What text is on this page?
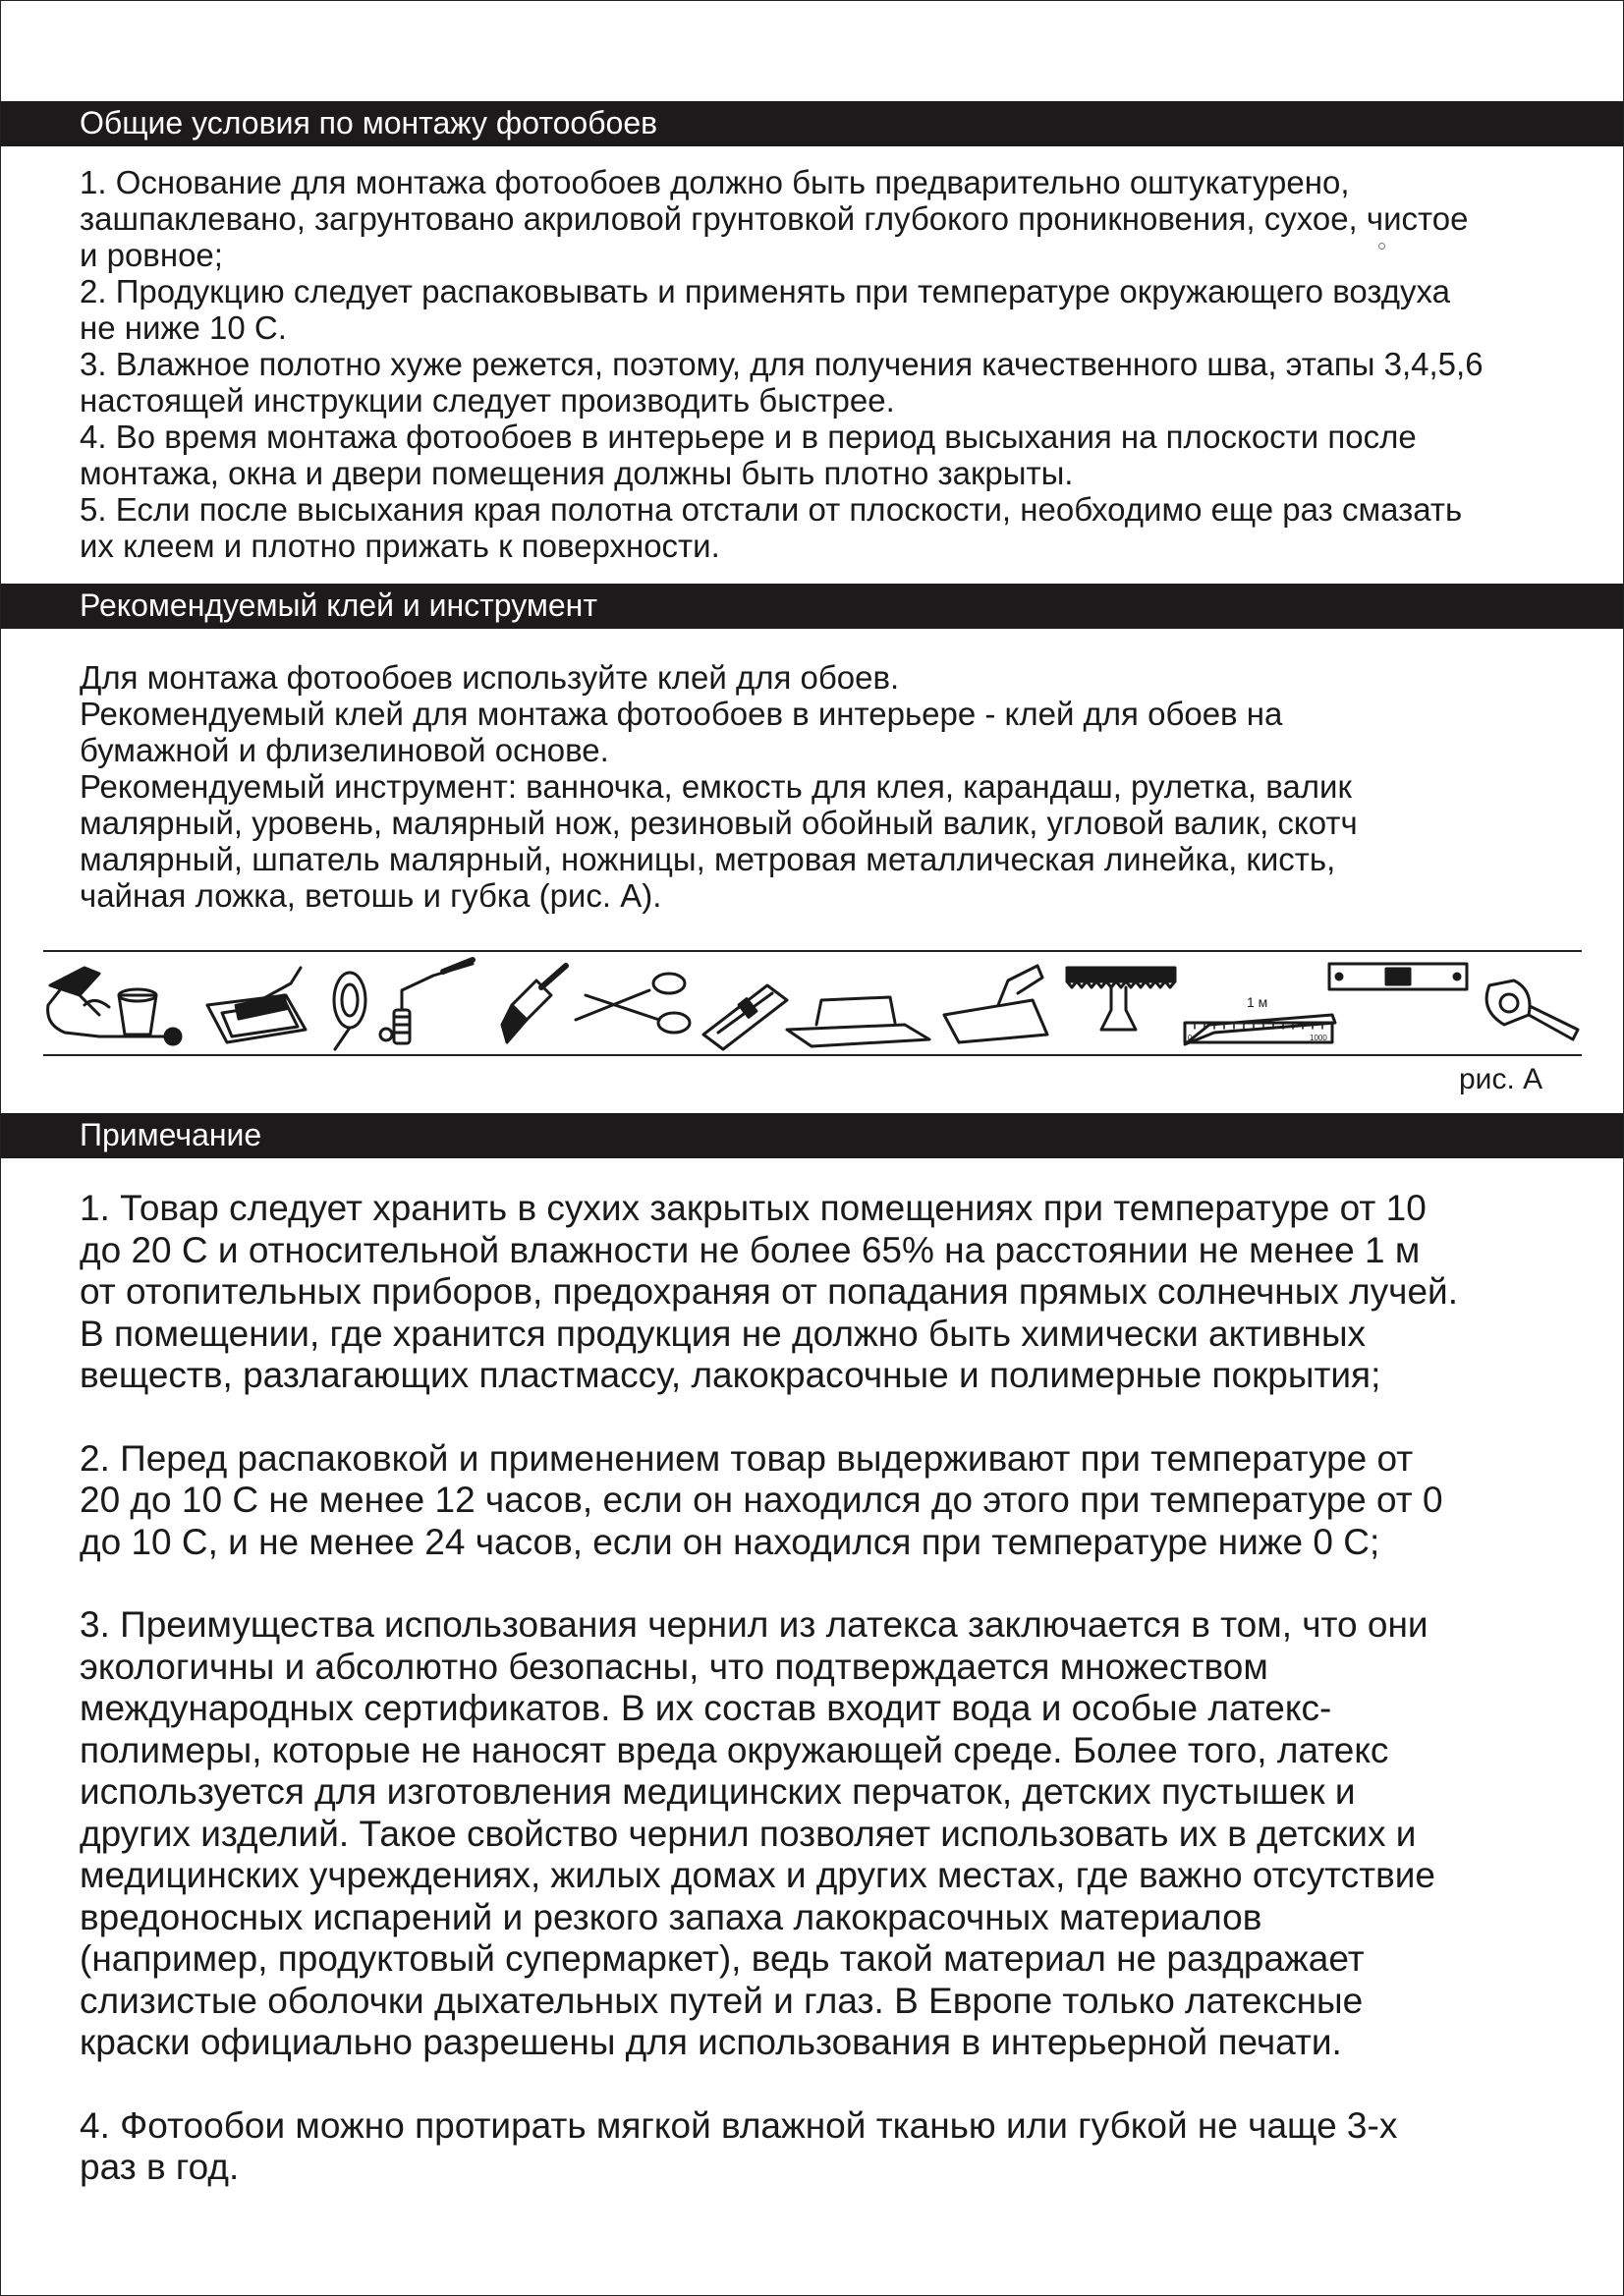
Общие условия по монтажу фотообоев

1. Основание для монтажа фотообоев должно быть предварительно оштукатурено,

зашпаклевано, загрунтовано акриловой грунтовкой глубокого проникновения, сухое, чистое

и ровное;

2. Продукцию следует распаковывать и применять при температуре окружающего воздуха

не ниже 10 С.

3. Влажное полотно хуже режется, поэтому, для получения качественного шва, этапы 3,4,5,6

настоящей инструкции следует производить быстрее.

4. Во время монтажа фотообоев в интерьере и в период высыхания на плоскости после

монтажа, окна и двери помещения должны быть плотно закрыты.

5. Если после высыхания края полотна отстали от плоскости, необходимо еще раз смазать

их клеем и плотно прижать к поверхности.

Рекомендуемый клей и инструмент

Для монтажа фотообоев используйте клей для обоев.

Рекомендуемый клей для монтажа фотообоев в интерьере - клей для обоев на

бумажной и флизелиновой основе.

Рекомендуемый инструмент: ванночка, емкость для клея, карандаш, рулетка, валик

малярный, уровень, малярный нож, резиновый обойный валик, угловой валик, скотч

малярный, шпатель малярный, ножницы, метровая металлическая линейка, кисть,

чайная ложка, ветошь и губка (рис. А).

1 м
0	1000
рис. А
Примечание

1. Товар следует хранить в сухих закрытых помещениях при температуре от 10

до 20 С и относительной влажности не более 65% на расстоянии не менее 1 м

от отопительных приборов, предохраняя от попадания прямых солнечных лучей.

В помещении, где хранится продукция не должно быть химически активных

веществ, разлагающих пластмассу, лакокрасочные и полимерные покрытия;

2. Перед распаковкой и применением товар выдерживают при температуре от

20 до 10 С не менее 12 часов, если он находился до этого при температуре от 0

до 10 С, и не менее 24 часов, если он находился при температуре ниже 0 С;

3. Преимущества использования чернил из латекса заключается в том, что они

экологичны и абсолютно безопасны, что подтверждается множеством

международных сертификатов. В их состав входит вода и особые латекс-

полимеры, которые не наносят вреда окружающей среде. Более того, латекс

используется для изготовления медицинских перчаток, детских пустышек и

других изделий. Такое свойство чернил позволяет использовать их в детских и

медицинских учреждениях, жилых домах и других местах, где важно отсутствие

вредоносных испарений и резкого запаха лакокрасочных материалов

(например, продуктовый супермаркет), ведь такой материал не раздражает

слизистые оболочки дыхательных путей и глаз. В Европе только латексные

краски официально разрешены для использования в интерьерной печати.

4. Фотообои можно протирать мягкой влажной тканью или губкой не чаще 3-х

раз в год.
